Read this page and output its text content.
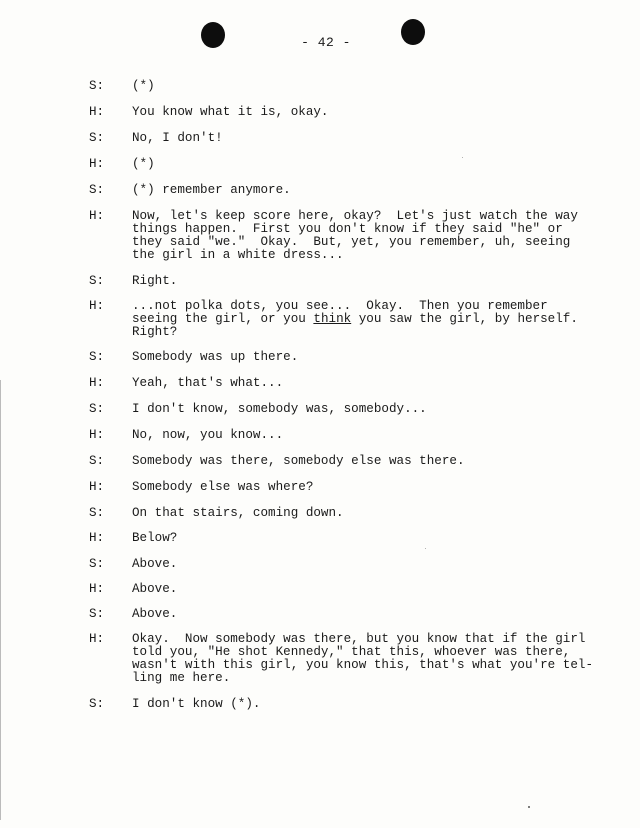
- 42 -
S: (*)
H: You know what it is, okay.
S: No, I don't!
H: (*)
S: (*) remember anymore.
H: Now, let's keep score here, okay?  Let's just watch the way
things happen.  First you don't know if they said "he" or
they said "we."  Okay.  But, yet, you remember, uh, seeing
the girl in a white dress...
S: Right.
H: ...not polka dots, you see...  Okay.  Then you remember
seeing the girl, or you think you saw the girl, by herself.
Right?
S: Somebody was up there.
H: Yeah, that's what...
S: I don't know, somebody was, somebody...
H: No, now, you know...
S: Somebody was there, somebody else was there.
H: Somebody else was where?
S: On that stairs, coming down.
H: Below?
S: Above.
H: Above.
S: Above.
H: Okay.  Now somebody was there, but you know that if the girl
told you, "He shot Kennedy," that this, whoever was there,
wasn't with this girl, you know this, that's what you're tel-
ling me here.
S: I don't know (*).
